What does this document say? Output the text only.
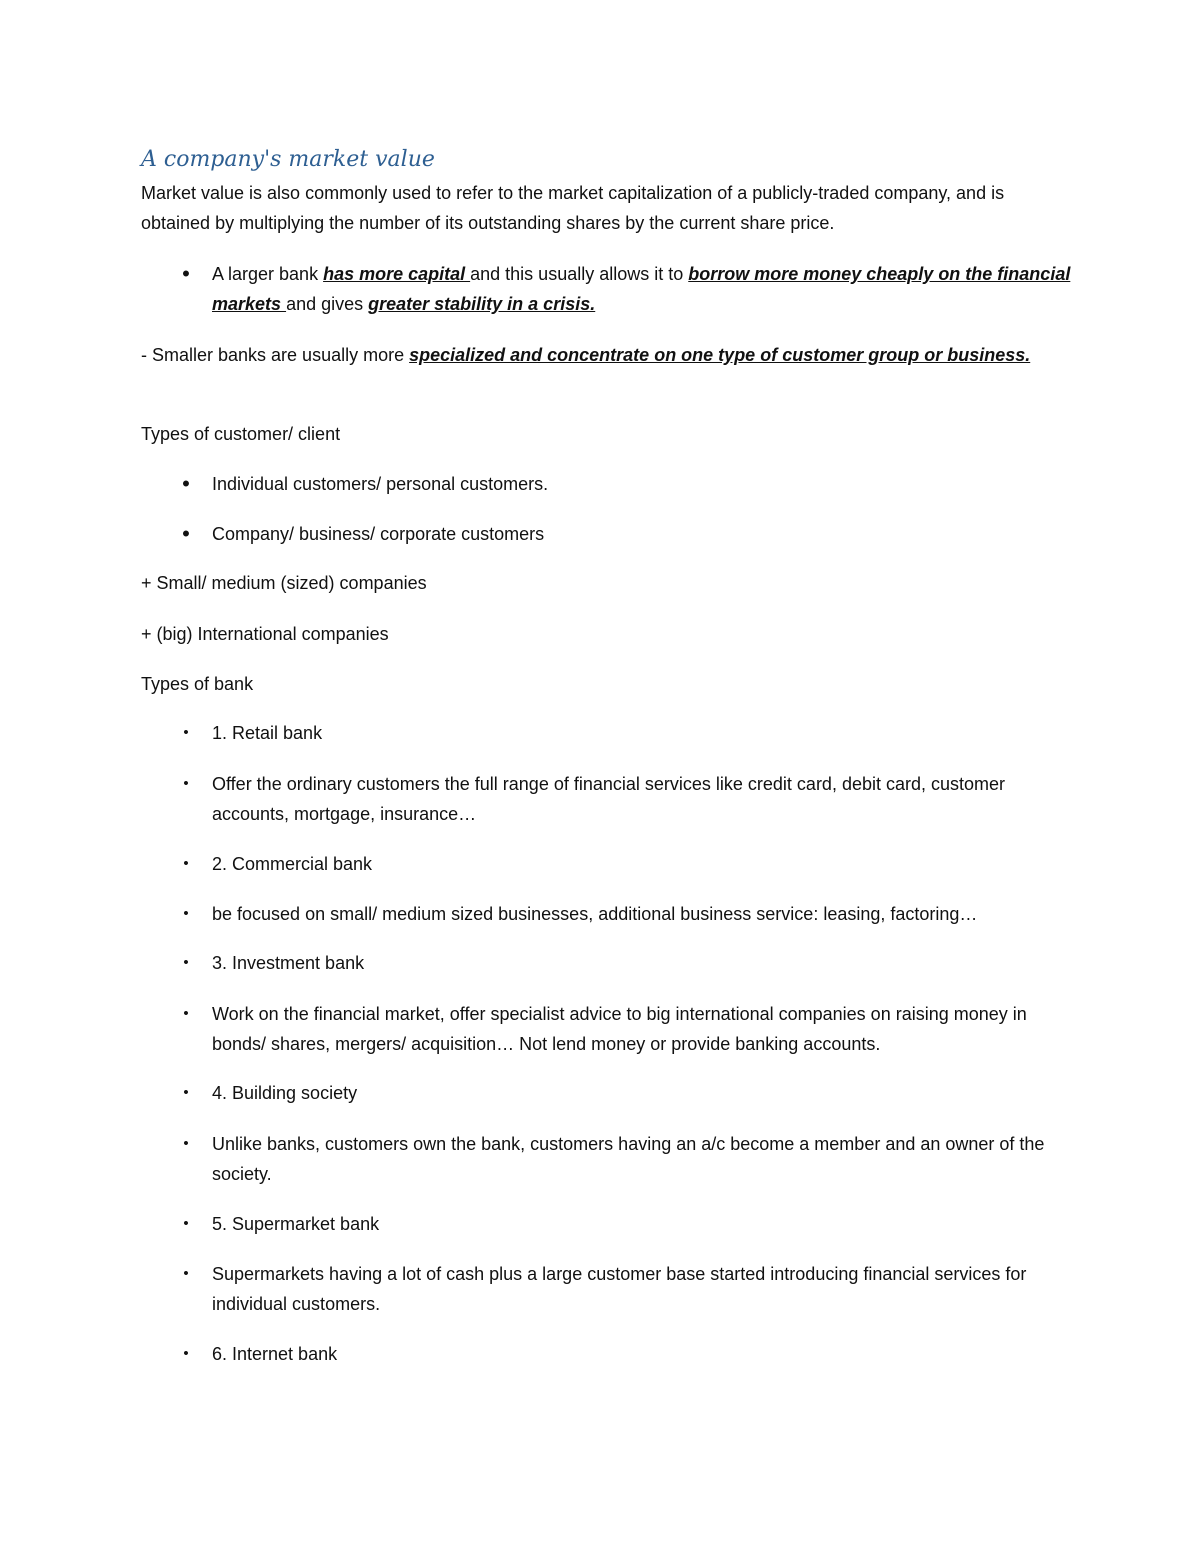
A company's market value

Market value is also commonly used to refer to the market capitalization of a publicly-traded company, and is obtained by multiplying the number of its outstanding shares by the current share price.

•	A larger bank has more capital and this usually allows it to borrow more money cheaply on the financial markets and gives greater stability in a crisis.

- Smaller banks are usually more specialized and concentrate on one type of customer group or business.

Types of customer/ client

•	Individual customers/ personal customers.

•	Company/ business/ corporate customers

+ Small/ medium (sized) companies

+ (big) International companies

Types of bank

•	1. Retail bank

•	Offer the ordinary customers the full range of financial services like credit card, debit card, customer accounts, mortgage, insurance…

•	2. Commercial bank

•	be focused on small/ medium sized businesses, additional business service: leasing, factoring…

•	3. Investment bank

•	Work on the financial market, offer specialist advice to big international companies on raising money in bonds/ shares, mergers/ acquisition… Not lend money or provide banking accounts.

•	4. Building society

•	Unlike banks, customers own the bank, customers having an a/c become a member and an owner of the society.

•	5. Supermarket bank

•	Supermarkets having a lot of cash plus a large customer base started introducing financial services for individual customers.

•	6. Internet bank
